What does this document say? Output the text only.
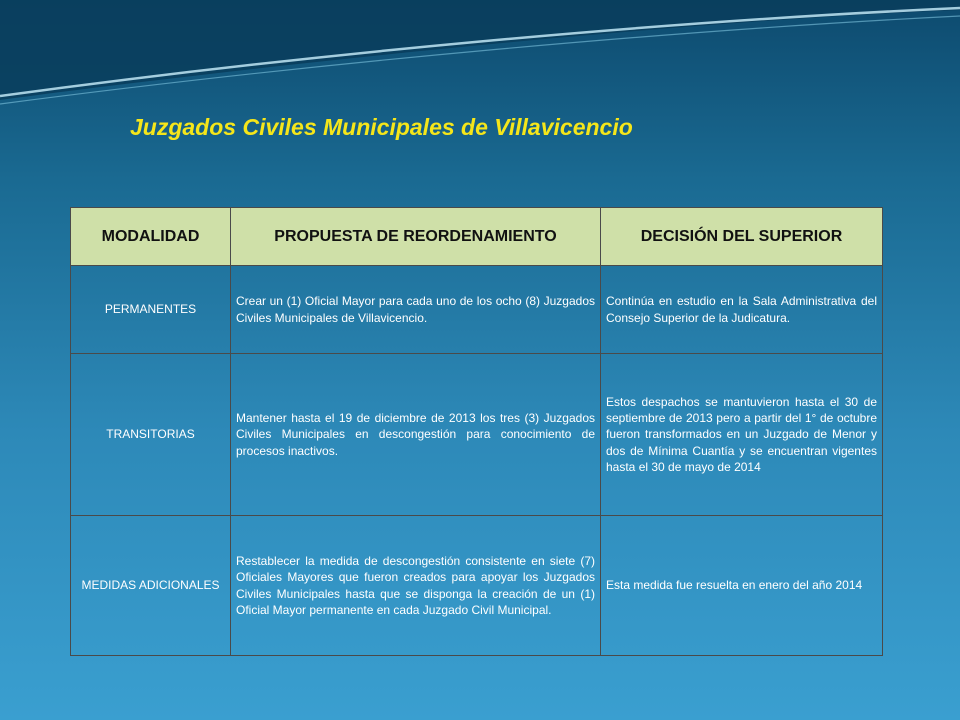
Juzgados Civiles Municipales de Villavicencio
MODALIDAD	PROPUESTA DE REORDENAMIENTO	DECISIÓN DEL SUPERIOR
PERMANENTES	Crear un (1) Oficial Mayor para cada uno de los ocho (8) Juzgados Civiles Municipales de Villavicencio.	Continúa en estudio en la Sala Administrativa del Consejo Superior de la Judicatura.
TRANSITORIAS	Mantener hasta el 19 de diciembre de 2013 los tres (3) Juzgados Civiles Municipales en descongestión para conocimiento de procesos inactivos.	Estos despachos se mantuvieron hasta el 30 de septiembre de 2013 pero a partir del 1° de octubre fueron transformados en un Juzgado de Menor y dos de Mínima Cuantía y se encuentran vigentes hasta el 30 de mayo de 2014
MEDIDAS ADICIONALES	Restablecer la medida de descongestión consistente en siete (7) Oficiales Mayores que fueron creados para apoyar los Juzgados Civiles Municipales hasta que se disponga la creación de un (1) Oficial Mayor permanente en cada Juzgado Civil Municipal.	Esta medida fue resuelta en enero del año 2014
